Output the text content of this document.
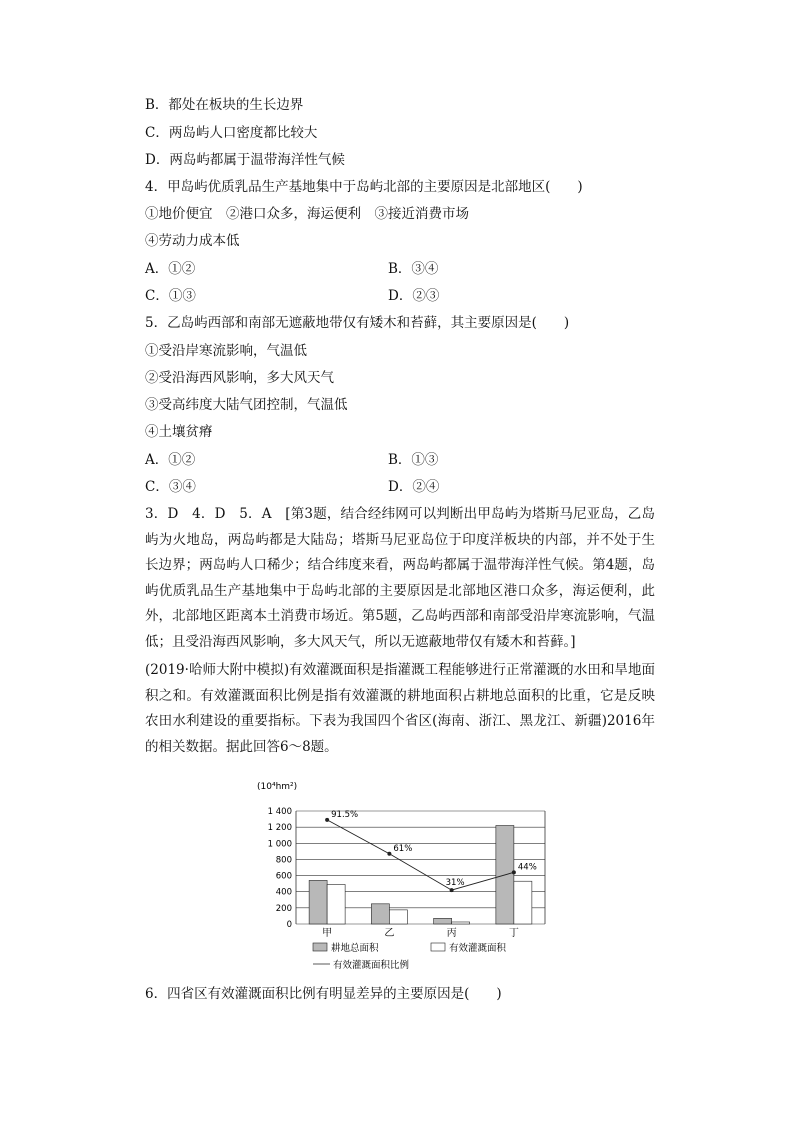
B．都处在板块的生长边界
C．两岛屿人口密度都比较大
D．两岛屿都属于温带海洋性气候
4．甲岛屿优质乳品生产基地集中于岛屿北部的主要原因是北部地区(　　)
①地价便宜　②港口众多，海运便利　③接近消费市场
④劳动力成本低
A．①②	B．③④
C．①③	D．②③
5．乙岛屿西部和南部无遮蔽地带仅有矮木和苔藓，其主要原因是(　　)
①受沿岸寒流影响，气温低
②受沿海西风影响，多大风天气
③受高纬度大陆气团控制，气温低
④土壤贫瘠
A．①②	B．①③
C．③④	D．②④
3．D　4．D　5．A　[第3题，结合经纬网可以判断出甲岛屿为塔斯马尼亚岛，乙岛屿为火地岛，两岛屿都是大陆岛；塔斯马尼亚岛位于印度洋板块的内部，并不处于生长边界；两岛屿人口稀少；结合纬度来看，两岛屿都属于温带海洋性气候。第4题，岛屿优质乳品生产基地集中于岛屿北部的主要原因是北部地区港口众多，海运便利，此外，北部地区距离本土消费市场近。第5题，乙岛屿西部和南部受沿岸寒流影响，气温低；且受沿海西风影响，多大风天气，所以无遮蔽地带仅有矮木和苔藓。]
(2019·哈师大附中模拟)有效灌溉面积是指灌溉工程能够进行正常灌溉的水田和旱地面积之和。有效灌溉面积比例是指有效灌溉的耕地面积占耕地总面积的比重，它是反映农田水利建设的重要指标。下表为我国四个省区(海南、浙江、黑龙江、新疆)2016年的相关数据。据此回答6～8题。
(10⁴hm²)
0
200
400
600
800
1 000
1 200
1 400
甲	乙	丙	丁
91.5%
61%
31%
44%
耕地总面积	有效灌溉面积
有效灌溉面积比例
6．四省区有效灌溉面积比例有明显差异的主要原因是(　　)
